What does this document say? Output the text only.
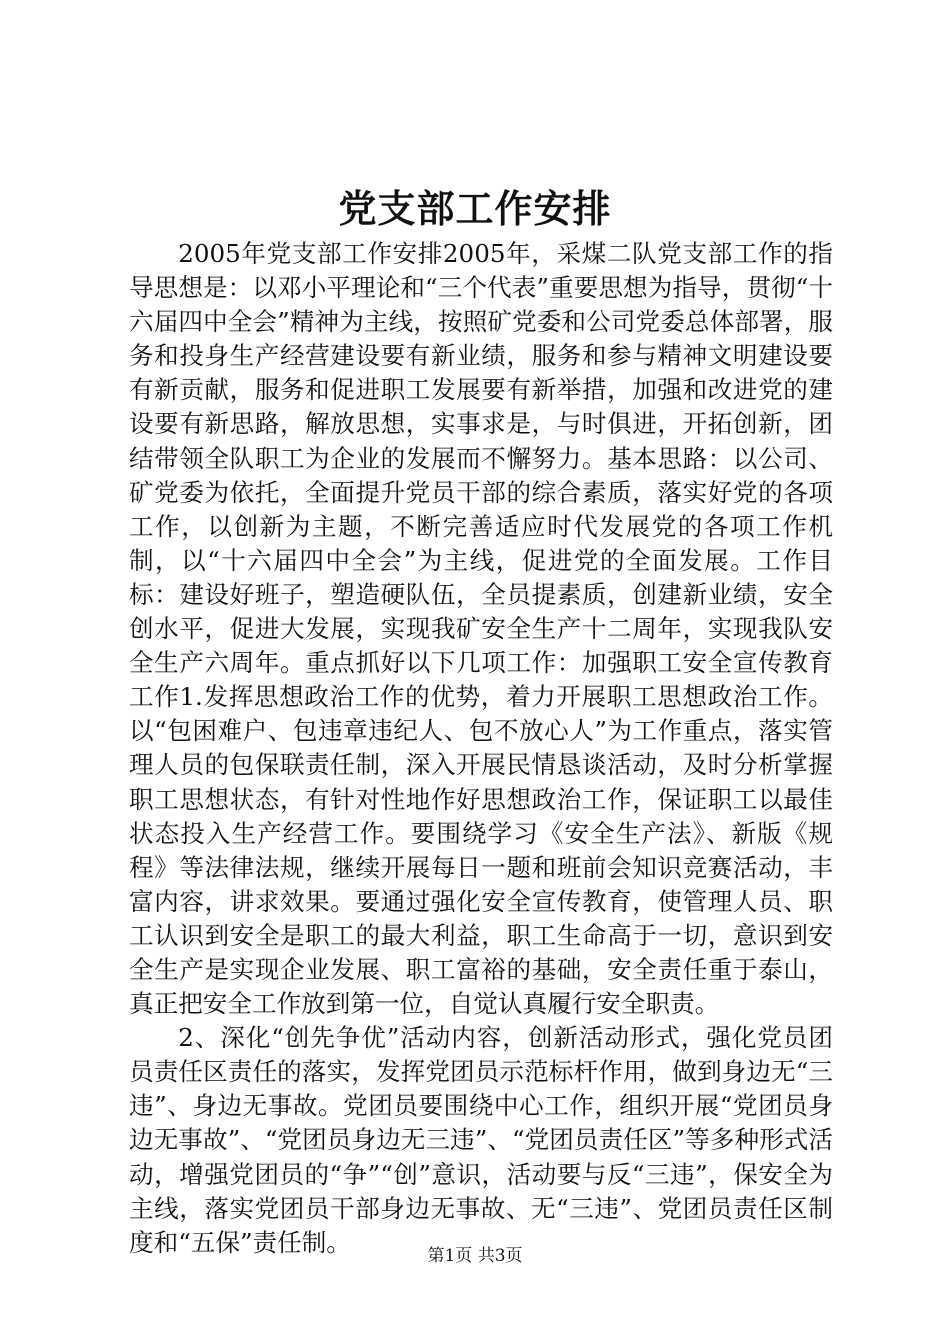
党支部工作安排

2005年党支部工作安排2005年，采煤二队党支部工作的指导思想是：以邓小平理论和“三个代表”重要思想为指导，贯彻“十六届四中全会”精神为主线，按照矿党委和公司党委总体部署，服务和投身生产经营建设要有新业绩，服务和参与精神文明建设要有新贡献，服务和促进职工发展要有新举措，加强和改进党的建设要有新思路，解放思想，实事求是，与时俱进，开拓创新，团结带领全队职工为企业的发展而不懈努力。基本思路：以公司、矿党委为依托，全面提升党员干部的综合素质，落实好党的各项工作，以创新为主题，不断完善适应时代发展党的各项工作机制，以“十六届四中全会”为主线，促进党的全面发展。工作目标：建设好班子，塑造硬队伍，全员提素质，创建新业绩，安全创水平，促进大发展，实现我矿安全生产十二周年，实现我队安全生产六周年。重点抓好以下几项工作：加强职工安全宣传教育工作1.发挥思想政治工作的优势，着力开展职工思想政治工作。以“包困难户、包违章违纪人、包不放心人”为工作重点，落实管理人员的包保联责任制，深入开展民情恳谈活动，及时分析掌握职工思想状态，有针对性地作好思想政治工作，保证职工以最佳状态投入生产经营工作。要围绕学习《安全生产法》、新版《规程》等法律法规，继续开展每日一题和班前会知识竞赛活动，丰富内容，讲求效果。要通过强化安全宣传教育，使管理人员、职工认识到安全是职工的最大利益，职工生命高于一切，意识到安全生产是实现企业发展、职工富裕的基础，安全责任重于泰山，真正把安全工作放到第一位，自觉认真履行安全职责。

2、深化“创先争优”活动内容，创新活动形式，强化党员团员责任区责任的落实，发挥党团员示范标杆作用，做到身边无“三违”、身边无事故。党团员要围绕中心工作，组织开展“党团员身边无事故”、“党团员身边无三违”、“党团员责任区”等多种形式活动，增强党团员的“争”“创”意识，活动要与反“三违”，保安全为主线，落实党团员干部身边无事故、无“三违”、党团员责任区制度和“五保”责任制。	第1页 共3页
